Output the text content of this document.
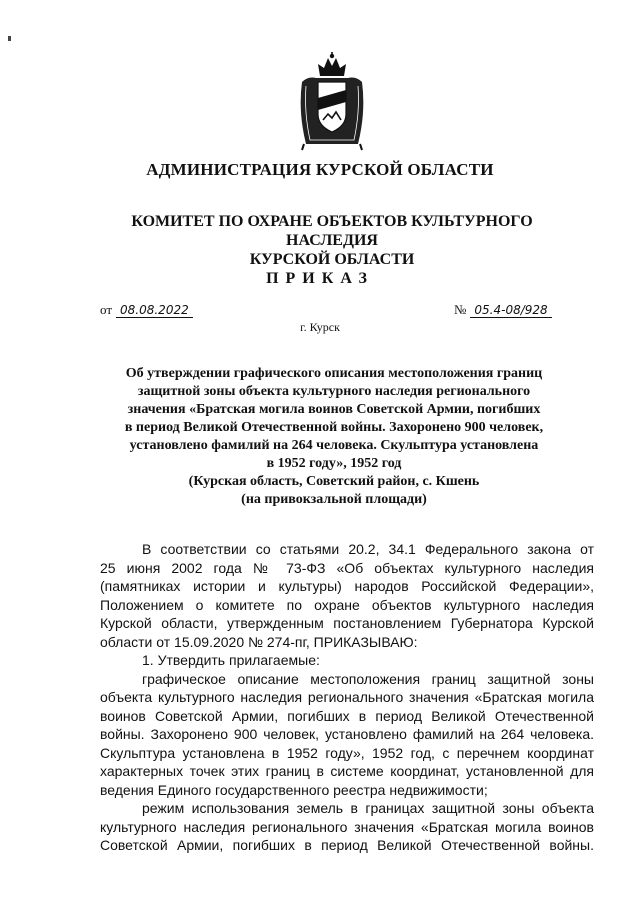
АДМИНИСТРАЦИЯ КУРСКОЙ ОБЛАСТИ
КОМИТЕТ ПО ОХРАНЕ ОБЪЕКТОВ КУЛЬТУРНОГО НАСЛЕДИЯ
КУРСКОЙ ОБЛАСТИ
ПРИКАЗ
от 08.08.2022	№ 05.4-08/928
г. Курск
Об утверждении графического описания местоположения границ
защитной зоны объекта культурного наследия регионального
значения «Братская могила воинов Советской Армии, погибших
в период Великой Отечественной войны. Захоронено 900 человек,
установлено фамилий на 264 человека. Скульптура установлена
в 1952 году», 1952 год
(Курская область, Советский район, с. Кшень
(на привокзальной площади)
В соответствии со статьями 20.2, 34.1 Федерального закона от
25 июня 2002 года № 73-ФЗ «Об объектах культурного наследия
(памятниках истории и культуры) народов Российской Федерации»,
Положением о комитете по охране объектов культурного наследия
Курской области, утвержденным постановлением Губернатора Курской
области от 15.09.2020 № 274-пг, ПРИКАЗЫВАЮ:
1. Утвердить прилагаемые:
графическое описание местоположения границ защитной зоны
объекта культурного наследия регионального значения «Братская могила
воинов Советской Армии, погибших в период Великой Отечественной
войны. Захоронено 900 человек, установлено фамилий на 264 человека.
Скульптура установлена в 1952 году», 1952 год, с перечнем координат
характерных точек этих границ в системе координат, установленной для
ведения Единого государственного реестра недвижимости;
режим использования земель в границах защитной зоны объекта
культурного наследия регионального значения «Братская могила воинов
Советской Армии, погибших в период Великой Отечественной войны.
